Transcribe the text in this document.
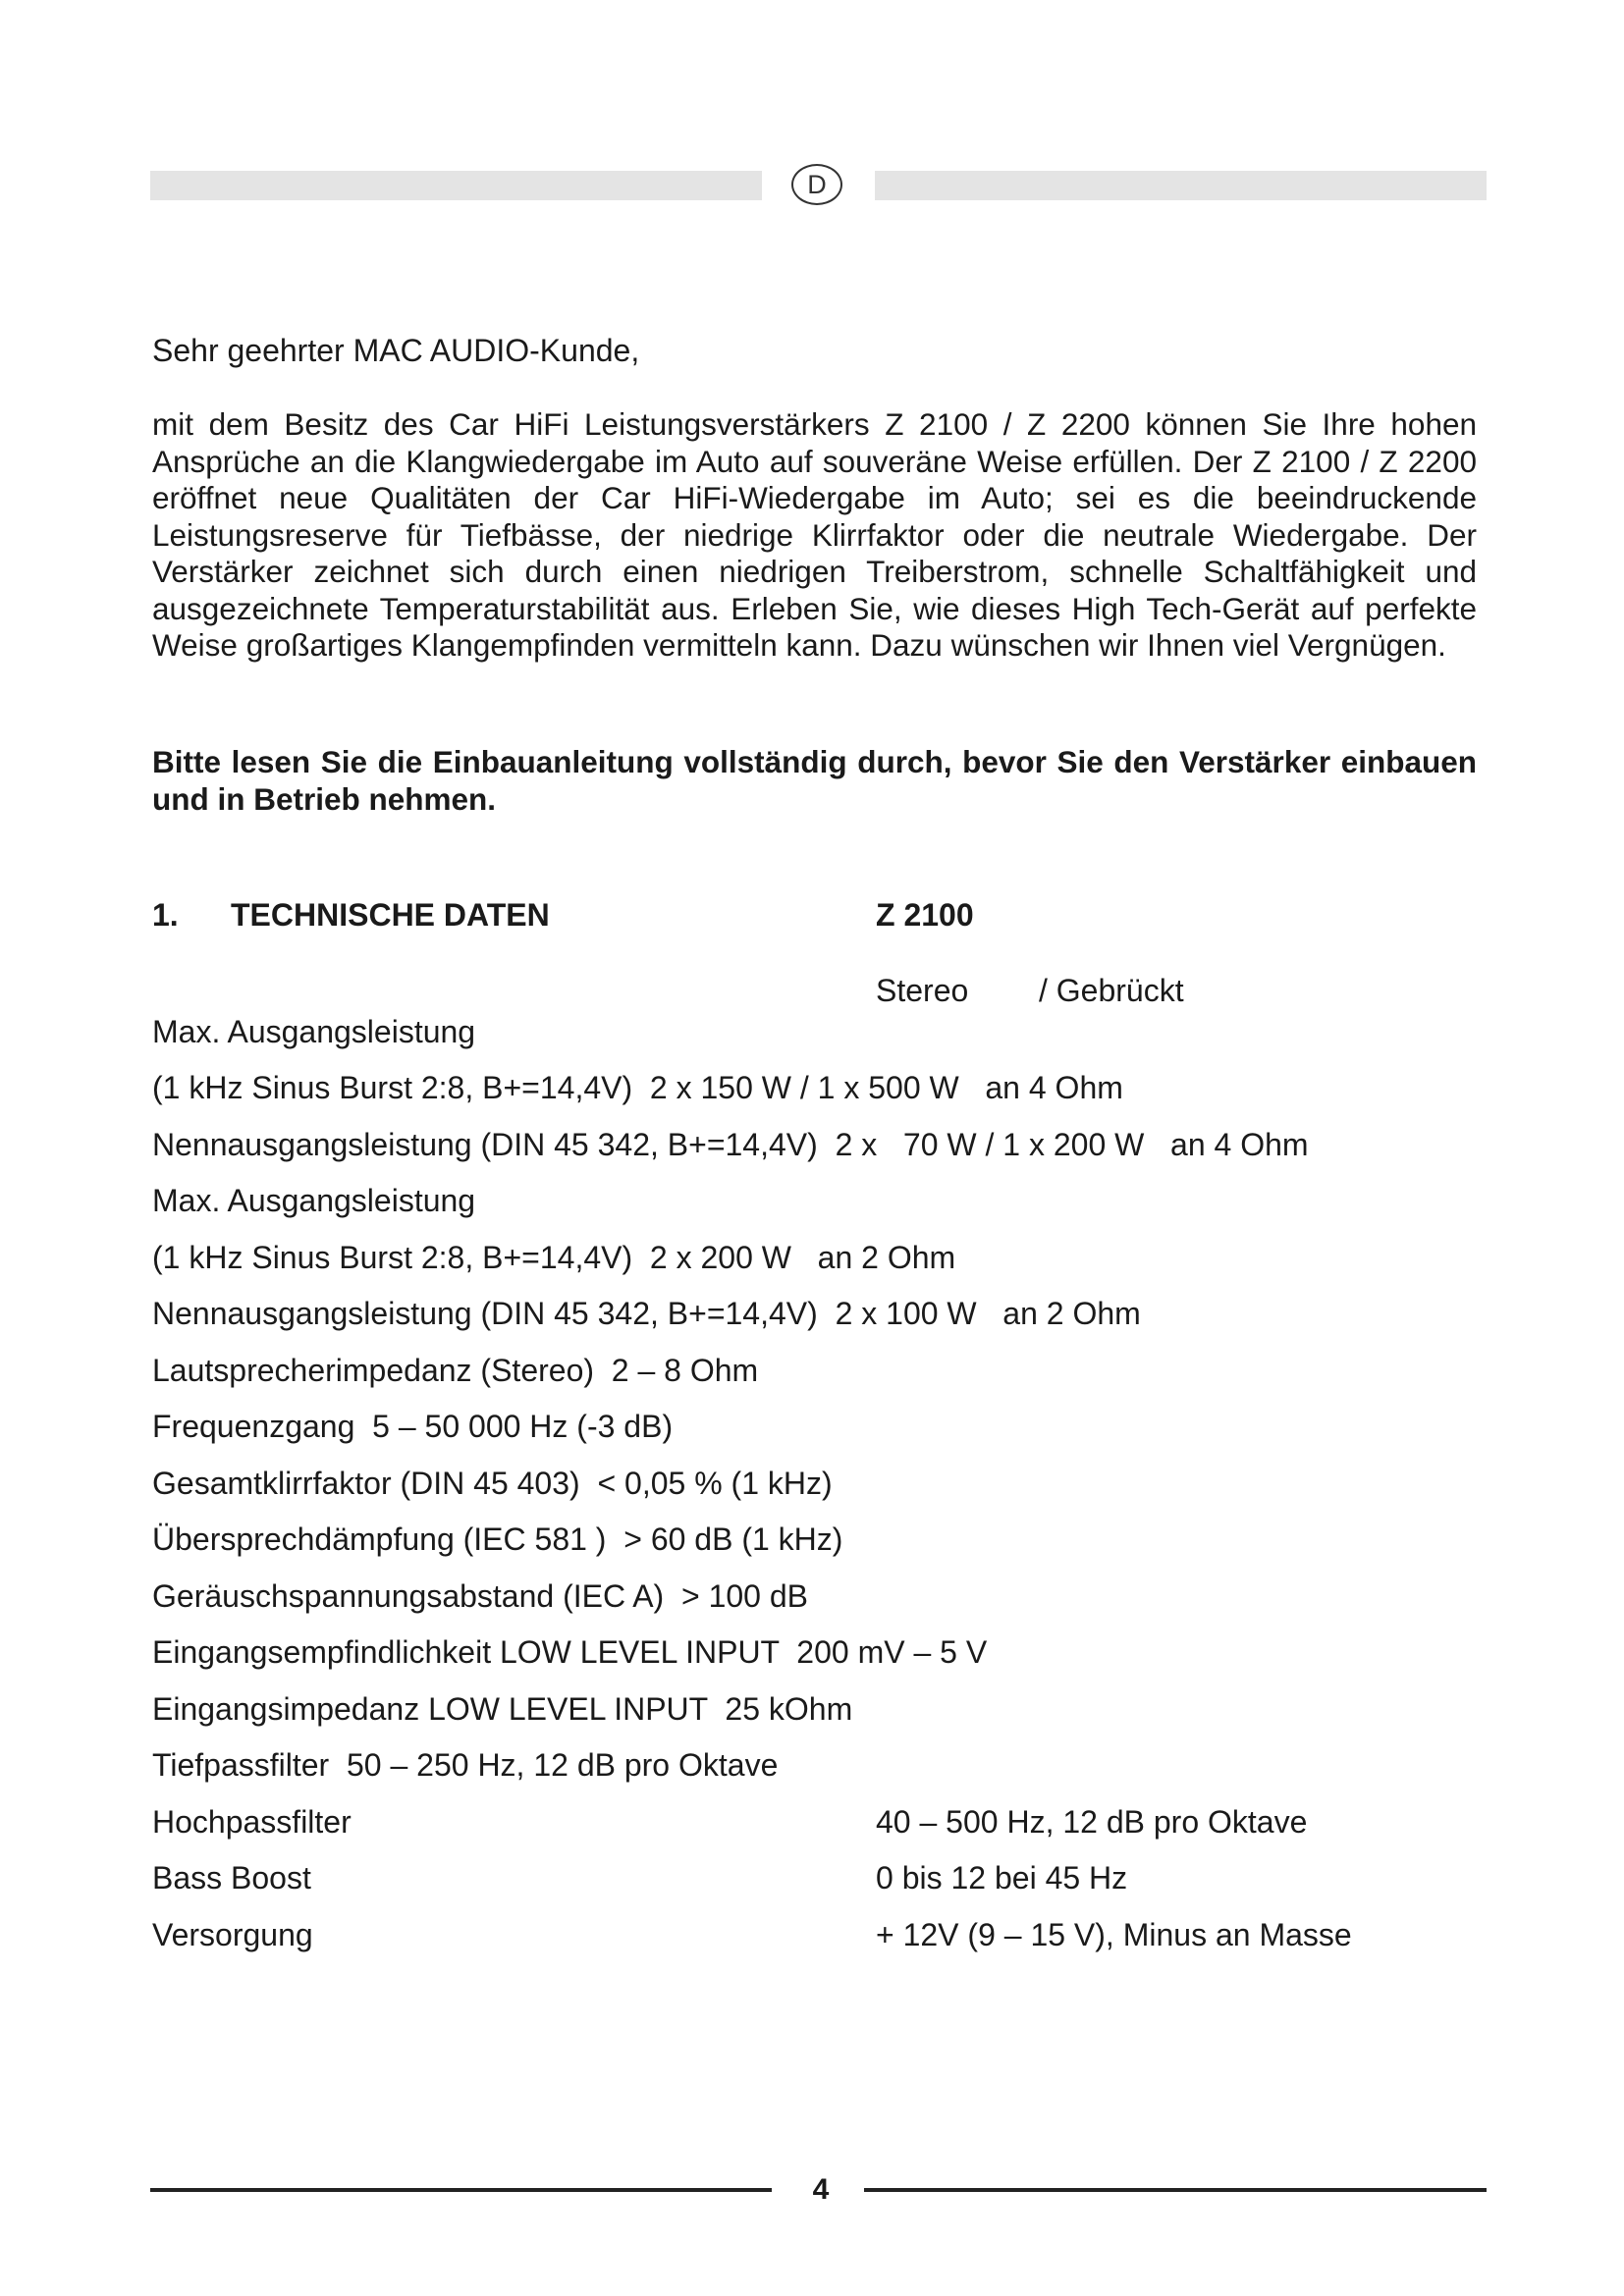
D
Sehr geehrter MAC AUDIO-Kunde,
mit dem Besitz des Car HiFi Leistungsverstärkers Z 2100 / Z 2200 können Sie Ihre hohen Ansprüche an die Klangwiedergabe im Auto auf souveräne Weise erfüllen. Der Z 2100 / Z 2200 eröffnet neue Qualitäten der Car HiFi-Wiedergabe im Auto; sei es die beeindruckende Leistungsreserve für Tiefbässe, der niedrige Klirrfaktor oder die neutrale Wiedergabe. Der Verstärker zeichnet sich durch einen niedrigen Treiberstrom, schnelle Schaltfähigkeit und ausgezeichnete Temperaturstabilität aus. Erleben Sie, wie dieses High Tech-Gerät auf perfekte Weise großartiges Klangempfinden vermitteln kann. Dazu wünschen wir Ihnen viel Vergnügen.
Bitte lesen Sie die Einbauanleitung vollständig durch, bevor Sie den Verstärker einbauen und in Betrieb nehmen.
1. TECHNISCHE DATEN	Z 2100
Stereo / Gebrückt
Max. Ausgangsleistung
(1 kHz Sinus Burst 2:8, B+=14,4V)  2 x 150 W / 1 x 500 W   an 4 Ohm
Nennausgangsleistung (DIN 45 342, B+=14,4V)  2 x   70 W / 1 x 200 W   an 4 Ohm
Max. Ausgangsleistung
(1 kHz Sinus Burst 2:8, B+=14,4V)  2 x 200 W   an 2 Ohm
Nennausgangsleistung (DIN 45 342, B+=14,4V)  2 x 100 W   an 2 Ohm
Lautsprecherimpedanz (Stereo)  2 – 8 Ohm
Frequenzgang  5 – 50 000 Hz (-3 dB)
Gesamtklirrfaktor (DIN 45 403)  < 0,05 % (1 kHz)
Übersprechdämpfung (IEC 581 )  > 60 dB (1 kHz)
Geräuschspannungsabstand (IEC A)  > 100 dB
Eingangsempfindlichkeit LOW LEVEL INPUT  200 mV – 5 V
Eingangsimpedanz LOW LEVEL INPUT  25 kOhm
Tiefpassfilter  50 – 250 Hz, 12 dB pro Oktave
Hochpassfilter	40 – 500 Hz, 12 dB pro Oktave
Bass Boost	0 bis 12 bei 45 Hz
Versorgung	+ 12V (9 – 15 V), Minus an Masse
4
